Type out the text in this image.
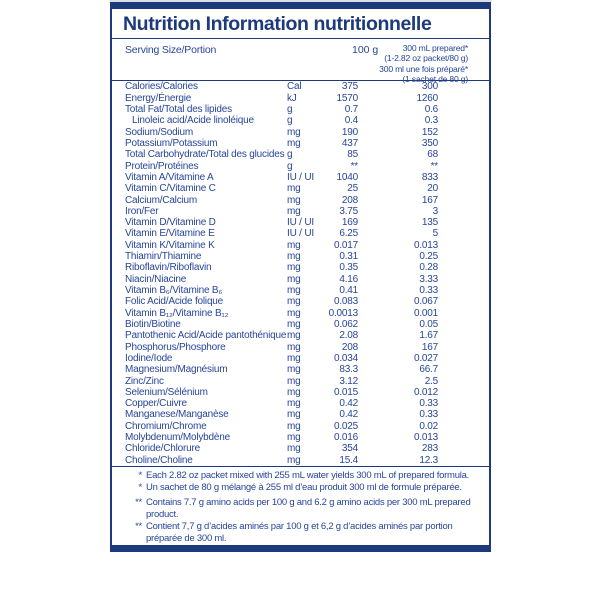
Nutrition Information nutritionnelle
Serving Size/Portion	100 g	300 mL prepared*
(1-2.82 oz packet/80 g)
300 ml une fois préparé*
(1 sachet de 80 g)
Calories/Calories	Cal	375	300
Energy/Énergie	kJ	1570	1260
Total Fat/Total des lipides	g	0.7	0.6
Linoleic acid/Acide linoléique	g	0.4	0.3
Sodium/Sodium	mg	190	152
Potassium/Potassium	mg	437	350
Total Carbohydrate/Total des glucides g	85	68
Protein/Protéines	g	**	**
Vitamin A/Vitamine A	IU / UI	1040	833
Vitamin C/Vitamine C	mg	25	20
Calcium/Calcium	mg	208	167
Iron/Fer	mg	3.75	3
Vitamin D/Vitamine D	IU / UI	169	135
Vitamin E/Vitamine E	IU / UI	6.25	5
Vitamin K/Vitamine K	mg	0.017	0.013
Thiamin/Thiamine	mg	0.31	0.25
Riboflavin/Riboflavin	mg	0.35	0.28
Niacin/Niacine	mg	4.16	3.33
Vitamin B₆/Vitamine B₆	mg	0.41	0.33
Folic Acid/Acide folique	mg	0.083	0.067
Vitamin B₁₂/Vitamine B₁₂	mg	0.0013	0.001
Biotin/Biotine	mg	0.062	0.05
Pantothenic Acid/Acide pantothénique mg	2.08	1.67
Phosphorus/Phosphore	mg	208	167
Iodine/Iode	mg	0.034	0.027
Magnesium/Magnésium	mg	83.3	66.7
Zinc/Zinc	mg	3.12	2.5
Selenium/Sélénium	mg	0.015	0.012
Copper/Cuivre	mg	0.42	0.33
Manganese/Manganèse	mg	0.42	0.33
Chromium/Chrome	mg	0.025	0.02
Molybdenum/Molybdène	mg	0.016	0.013
Chloride/Chlorure	mg	354	283
Choline/Choline	mg	15.4	12.3
* Each 2.82 oz packet mixed with 255 mL water yields 300 mL of prepared formula.
* Un sachet de 80 g mélangé à 255 ml d’eau produit 300 ml de formule préparée.
** Contains 7.7 g amino acids per 100 g and 6.2 g amino acids per 300 mL prepared product.
** Contient 7,7 g d’acides aminés par 100 g et 6,2 g d’acides aminés par portion préparée de 300 ml.
